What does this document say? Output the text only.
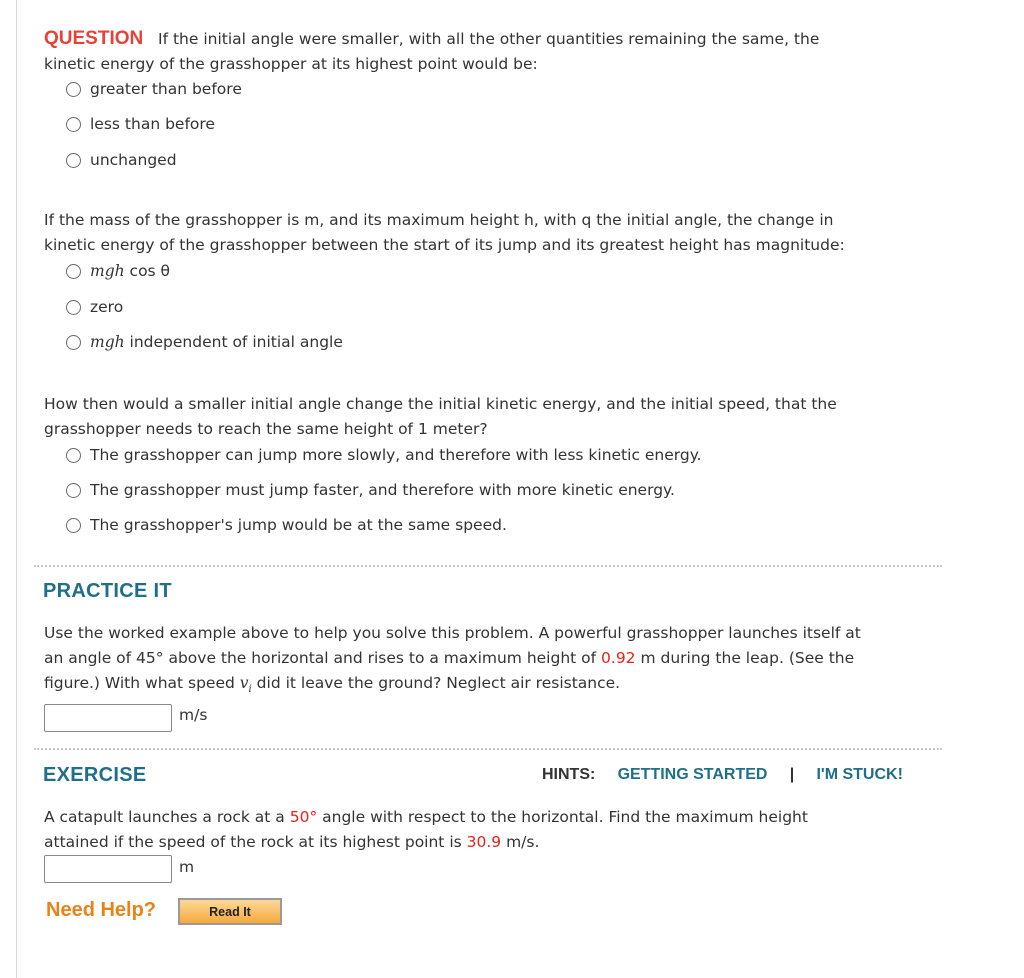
QUESTION If the initial angle were smaller, with all the other quantities remaining the same, the
kinetic energy of the grasshopper at its highest point would be:
greater than before
less than before
unchanged
If the mass of the grasshopper is m, and its maximum height h, with q the initial angle, the change in
kinetic energy of the grasshopper between the start of its jump and its greatest height has magnitude:
mgh
cos θ
zero
mgh
independent of initial angle
How then would a smaller initial angle change the initial kinetic energy, and the initial speed, that the
grasshopper needs to reach the same height of 1 meter?
The grasshopper can jump more slowly, and therefore with less kinetic energy.
The grasshopper must jump faster, and therefore with more kinetic energy.
The grasshopper's jump would be at the same speed.
PRACTICE IT
Use the worked example above to help you solve this problem. A powerful grasshopper launches itself at
an angle of 45° above the horizontal and rises to a maximum height of 0.92 m during the leap. (See the
figure.) With what speed $v_i$ did it leave the ground? Neglect air resistance.
m/s
EXERCISE	HINTS: GETTING STARTED | I'M STUCK!
A catapult launches a rock at a 50° angle with respect to the horizontal. Find the maximum height
attained if the speed of the rock at its highest point is 30.9 m/s.
m
Need Help?	Read It
